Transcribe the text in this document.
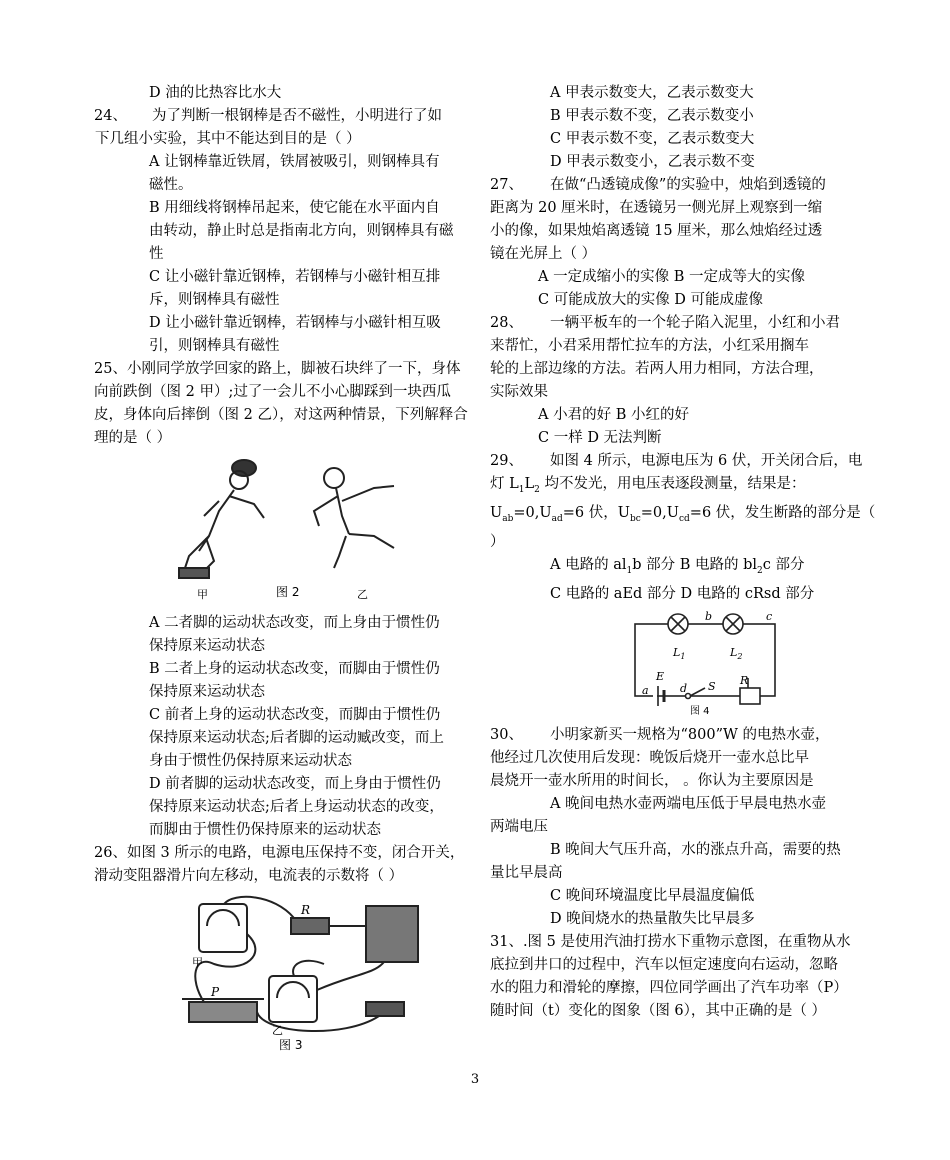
D 油的比热容比水大
24、	为了判断一根钢棒是否不磁性，小明进行了如
下几组小实验，其中不能达到目的是（ ）
A 让钢棒靠近铁屑，铁屑被吸引，则钢棒具有
磁性。
B 用细线将钢棒吊起来，使它能在水平面内自
由转动，静止时总是指南北方向，则钢棒具有磁
性
C 让小磁针靠近钢棒，若钢棒与小磁针相互排
斥，则钢棒具有磁性
D 让小磁针靠近钢棒，若钢棒与小磁针相互吸
引，则钢棒具有磁性
25、小刚同学放学回家的路上，脚被石块绊了一下，身体
向前跌倒（图 2 甲）;过了一会儿不小心脚踩到一块西瓜
皮，身体向后摔倒（图 2 乙），对这两种情景，下列解释合
理的是（ ）
甲	图 2	乙
A 二者脚的运动状态改变，而上身由于惯性仍
保持原来运动状态
B 二者上身的运动状态改变，而脚由于惯性仍
保持原来运动状态
C 前者上身的运动状态改变，而脚由于惯性仍
保持原来运动状态;后者脚的运动臧改变，而上
身由于惯性仍保持原来运动状态
D 前者脚的运动状态改变，而上身由于惯性仍
保持原来运动状态;后者上身运动状态的改变，
而脚由于惯性仍保持原来的运动状态
26、如图 3 所示的电路，电源电压保持不变，闭合开关，
滑动变阻器滑片向左移动，电流表的示数将（ ）
R
P
甲
乙
图 3
A 甲表示数变大，乙表示数变大
B 甲表示数不变，乙表示数变小
C 甲表示数不变，乙表示数变大
D 甲表示数变小，乙表示数不变
27、	在做“凸透镜成像”的实验中，烛焰到透镜的
距离为 20 厘米时，在透镜另一侧光屏上观察到一缩
小的像，如果烛焰离透镜 15 厘米，那么烛焰经过透
镜在光屏上（ ）
A 一定成缩小的实像 B 一定成等大的实像
C 可能成放大的实像 D 可能成虚像
28、	一辆平板车的一个轮子陷入泥里，小红和小君
来帮忙，小君采用帮忙拉车的方法，小红采用搁车
轮的上部边缘的方法。若两人用力相同，方法合理，
实际效果
A 小君的好 B 小红的好
C 一样 D 无法判断
29、	如图 4 所示，电源电压为 6 伏，开关闭合后，电
灯 $L_1L_2$ 均不发光，用电压表逐段测量，结果是：
$U_{ab}=0,U_{ad}=6$ 伏，$U_{bc}=0,U_{cd}=6$ 伏，发生断路的部分是（
）
A 电路的 $al_1b$ 部分 B 电路的 $bl_2c$ 部分
C 电路的 aEd 部分 D 电路的 cRsd 部分
b	c
$L_1$	$L_2$
E	R
a	d S
图 4
30、	小明家新买一规格为“800”W 的电热水壶，
他经过几次使用后发现：晚饭后烧开一壶水总比早
晨烧开一壶水所用的时间长， 。你认为主要原因是
A 晚间电热水壶两端电压低于早晨电热水壶
两端电压
B 晚间大气压升高，水的涨点升高，需要的热
量比早晨高
C 晚间环境温度比早晨温度偏低
D 晚间烧水的热量散失比早晨多
31、.图 5 是使用汽油打捞水下重物示意图，在重物从水
底拉到井口的过程中，汽车以恒定速度向右运动，忽略
水的阻力和滑轮的摩擦，四位同学画出了汽车功率（P）
随时间（t）变化的图象（图 6），其中正确的是（ ）
3
